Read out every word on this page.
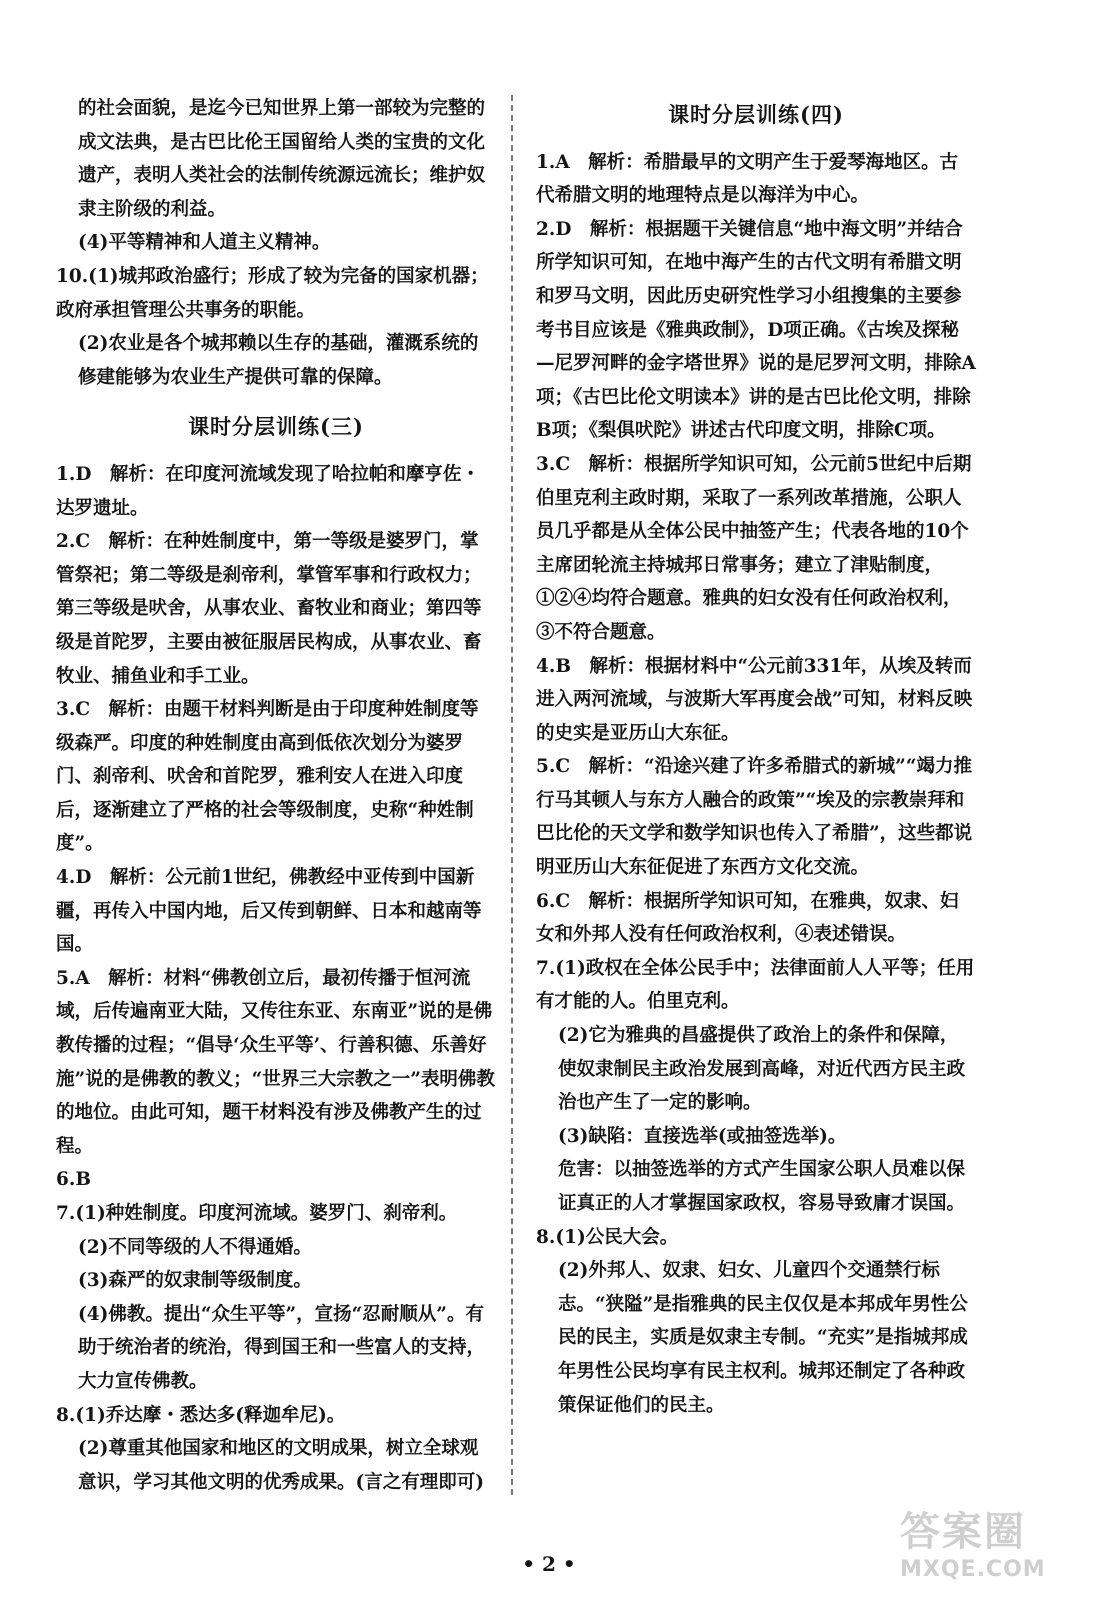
的社会面貌，是迄今已知世界上第一部较为完整的成文法典，是古巴比伦王国留给人类的宝贵的文化遗产，表明人类社会的法制传统源远流长；维护奴隶主阶级的利益。

(4)平等精神和人道主义精神。

10.(1)城邦政治盛行；形成了较为完备的国家机器；政府承担管理公共事务的职能。

(2)农业是各个城邦赖以生存的基础，灌溉系统的修建能够为农业生产提供可靠的保障。

课时分层训练(三)

1.D　解析：在印度河流域发现了哈拉帕和摩亨佐・达罗遗址。

2.C　解析：在种姓制度中，第一等级是婆罗门，掌管祭祀；第二等级是刹帝利，掌管军事和行政权力；第三等级是吠舍，从事农业、畜牧业和商业；第四等级是首陀罗，主要由被征服居民构成，从事农业、畜牧业、捕鱼业和手工业。

3.C　解析：由题干材料判断是由于印度种姓制度等级森严。印度的种姓制度由高到低依次划分为婆罗门、刹帝利、吠舍和首陀罗，雅利安人在进入印度后，逐渐建立了严格的社会等级制度，史称“种姓制度”。

4.D　解析：公元前1世纪，佛教经中亚传到中国新疆，再传入中国内地，后又传到朝鲜、日本和越南等国。

5.A　解析：材料“佛教创立后，最初传播于恒河流域，后传遍南亚大陆，又传往东亚、东南亚”说的是佛教传播的过程；“倡导‘众生平等’、行善积德、乐善好施”说的是佛教的教义；“世界三大宗教之一”表明佛教的地位。由此可知，题干材料没有涉及佛教产生的过程。

6.B

7.(1)种姓制度。印度河流域。婆罗门、刹帝利。

(2)不同等级的人不得通婚。

(3)森严的奴隶制等级制度。

(4)佛教。提出“众生平等”，宣扬“忍耐顺从”。有助于统治者的统治，得到国王和一些富人的支持，大力宣传佛教。

8.(1)乔达摩・悉达多(释迦牟尼)。

(2)尊重其他国家和地区的文明成果，树立全球观意识，学习其他文明的优秀成果。(言之有理即可)

课时分层训练(四)

1.A　解析：希腊最早的文明产生于爱琴海地区。古代希腊文明的地理特点是以海洋为中心。

2.D　解析：根据题干关键信息“地中海文明”并结合所学知识可知，在地中海产生的古代文明有希腊文明和罗马文明，因此历史研究性学习小组搜集的主要参考书目应该是《雅典政制》，D项正确。《古埃及探秘—尼罗河畔的金字塔世界》说的是尼罗河文明，排除A项；《古巴比伦文明读本》讲的是古巴比伦文明，排除B项；《梨俱吠陀》讲述古代印度文明，排除C项。

3.C　解析：根据所学知识可知，公元前5世纪中后期伯里克利主政时期，采取了一系列改革措施，公职人员几乎都是从全体公民中抽签产生；代表各地的10个主席团轮流主持城邦日常事务；建立了津贴制度，①②④均符合题意。雅典的妇女没有任何政治权利，③不符合题意。

4.B　解析：根据材料中“公元前331年，从埃及转而进入两河流域，与波斯大军再度会战”可知，材料反映的史实是亚历山大东征。

5.C　解析：“沿途兴建了许多希腊式的新城”“竭力推行马其顿人与东方人融合的政策”“埃及的宗教崇拜和巴比伦的天文学和数学知识也传入了希腊”，这些都说明亚历山大东征促进了东西方文化交流。

6.C　解析：根据所学知识可知，在雅典，奴隶、妇女和外邦人没有任何政治权利，④表述错误。

7.(1)政权在全体公民手中；法律面前人人平等；任用有才能的人。伯里克利。

(2)它为雅典的昌盛提供了政治上的条件和保障，使奴隶制民主政治发展到高峰，对近代西方民主政治也产生了一定的影响。

(3)缺陷：直接选举(或抽签选举)。

危害：以抽签选举的方式产生国家公职人员难以保证真正的人才掌握国家政权，容易导致庸才误国。

8.(1)公民大会。

(2)外邦人、奴隶、妇女、儿童四个交通禁行标志。“狭隘”是指雅典的民主仅仅是本邦成年男性公民的民主，实质是奴隶主专制。“充实”是指城邦成年男性公民均享有民主权利。城邦还制定了各种政策保证他们的民主。

• 2 •
答案圈
MXQE.COM
